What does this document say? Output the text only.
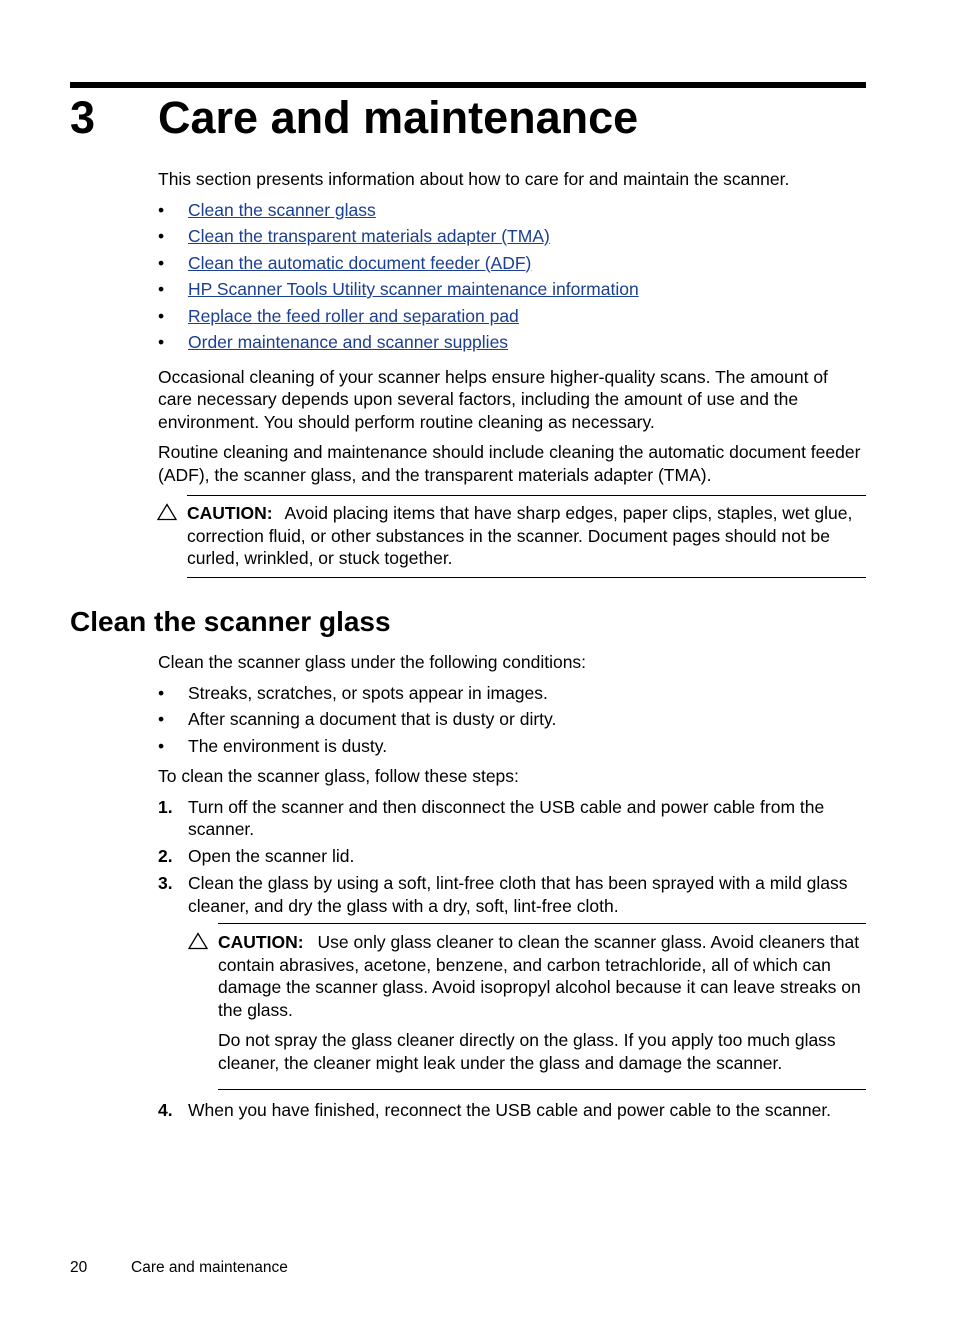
3 Care and maintenance

This section presents information about how to care for and maintain the scanner.

• Clean the scanner glass
• Clean the transparent materials adapter (TMA)
• Clean the automatic document feeder (ADF)
• HP Scanner Tools Utility scanner maintenance information
• Replace the feed roller and separation pad
• Order maintenance and scanner supplies

Occasional cleaning of your scanner helps ensure higher-quality scans. The amount of care necessary depends upon several factors, including the amount of use and the environment. You should perform routine cleaning as necessary.

Routine cleaning and maintenance should include cleaning the automatic document feeder (ADF), the scanner glass, and the transparent materials adapter (TMA).

CAUTION: Avoid placing items that have sharp edges, paper clips, staples, wet glue, correction fluid, or other substances in the scanner. Document pages should not be curled, wrinkled, or stuck together.
Clean the scanner glass

Clean the scanner glass under the following conditions:

• Streaks, scratches, or spots appear in images.
• After scanning a document that is dusty or dirty.
• The environment is dusty.

To clean the scanner glass, follow these steps:

1. Turn off the scanner and then disconnect the USB cable and power cable from the scanner.
2. Open the scanner lid.
3. Clean the glass by using a soft, lint-free cloth that has been sprayed with a mild glass cleaner, and dry the glass with a dry, soft, lint-free cloth.

CAUTION: Use only glass cleaner to clean the scanner glass. Avoid cleaners that contain abrasives, acetone, benzene, and carbon tetrachloride, all of which can damage the scanner glass. Avoid isopropyl alcohol because it can leave streaks on the glass.

Do not spray the glass cleaner directly on the glass. If you apply too much glass cleaner, the cleaner might leak under the glass and damage the scanner.

4. When you have finished, reconnect the USB cable and power cable to the scanner.
20	Care and maintenance
